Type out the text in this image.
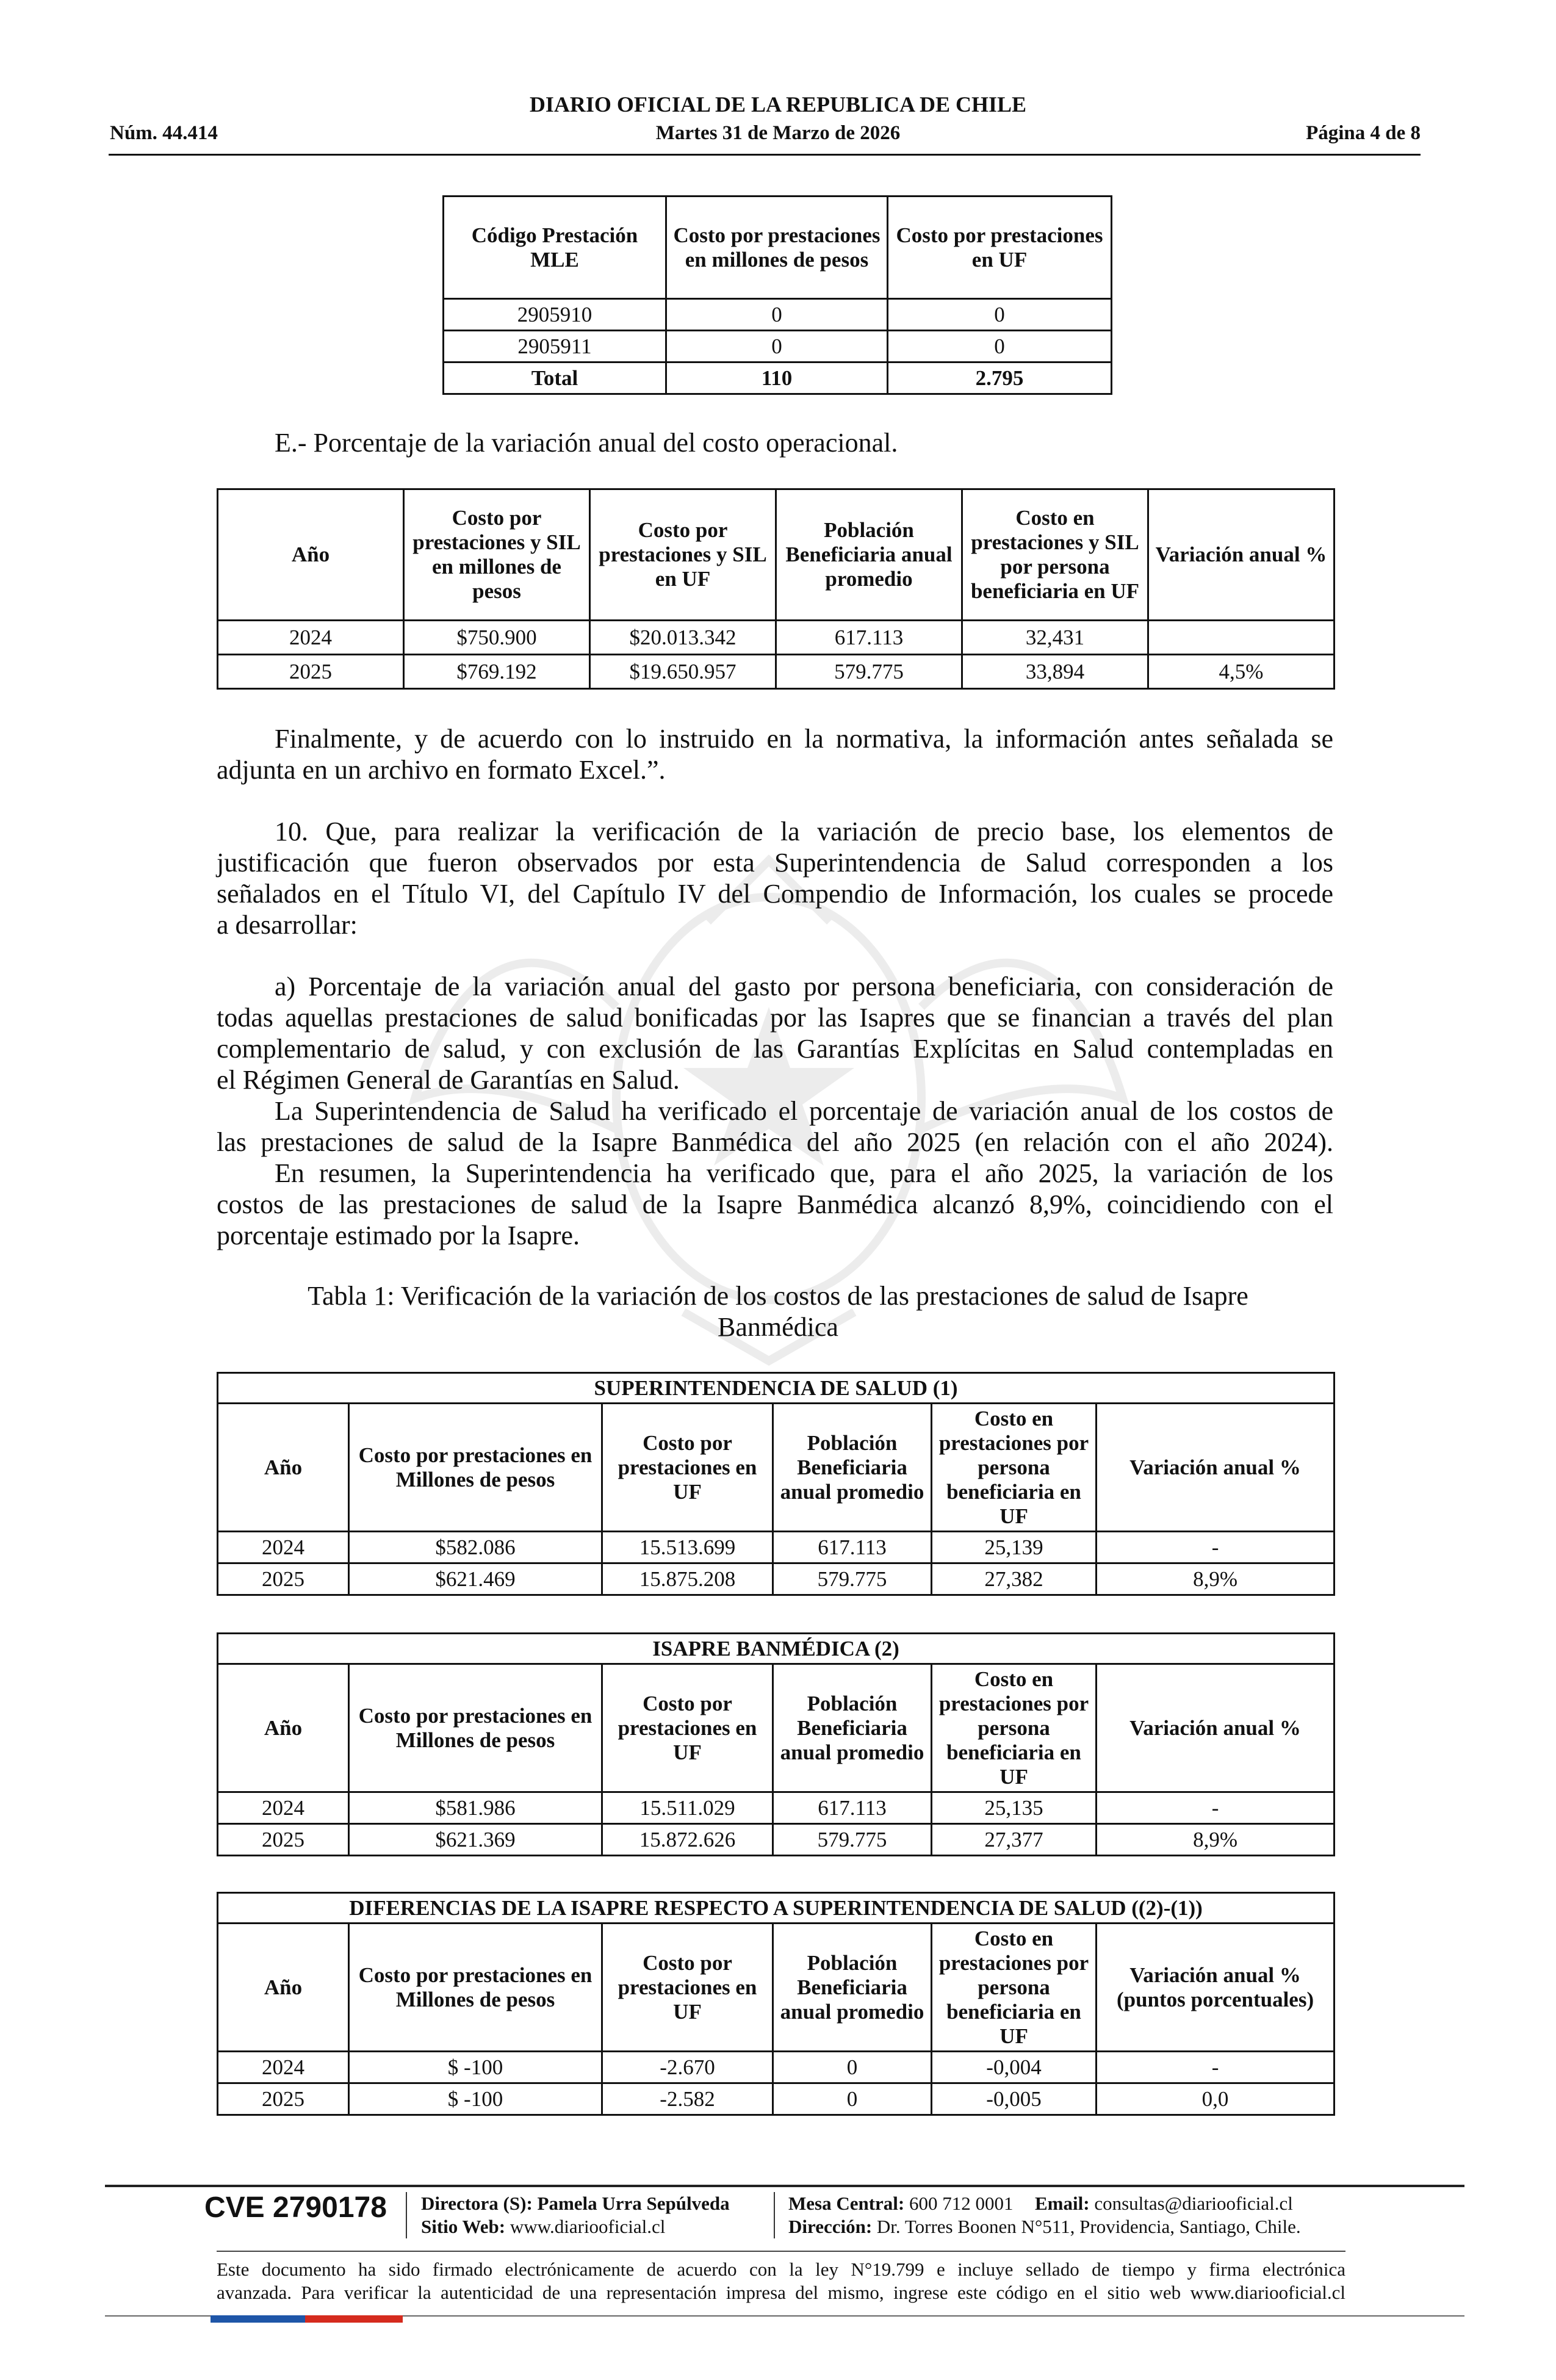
DIARIO OFICIAL DE LA REPUBLICA DE CHILE
Núm. 44.414	Martes 31 de Marzo de 2026	Página 4 de 8
Código Prestación MLE	Costo por prestaciones en millones de pesos	Costo por prestaciones en UF
2905910	0	0
2905911	0	0
Total	110	2.795
E.- Porcentaje de la variación anual del costo operacional.
Año	Costo por prestaciones y SIL en millones de pesos	Costo por prestaciones y SIL en UF	Población Beneficiaria anual promedio	Costo en prestaciones y SIL por persona beneficiaria en UF	Variación anual %
2024	$750.900	$20.013.342	617.113	32,431	
2025	$769.192	$19.650.957	579.775	33,894	4,5%
Finalmente, y de acuerdo con lo instruido en la normativa, la información antes señalada se
adjunta en un archivo en formato Excel.”.
10. Que, para realizar la verificación de la variación de precio base, los elementos de
justificación que fueron observados por esta Superintendencia de Salud corresponden a los
señalados en el Título VI, del Capítulo IV del Compendio de Información, los cuales se procede
a desarrollar:
a) Porcentaje de la variación anual del gasto por persona beneficiaria, con consideración de
todas aquellas prestaciones de salud bonificadas por las Isapres que se financian a través del plan
complementario de salud, y con exclusión de las Garantías Explícitas en Salud contempladas en
el Régimen General de Garantías en Salud.
La Superintendencia de Salud ha verificado el porcentaje de variación anual de los costos de
las prestaciones de salud de la Isapre Banmédica del año 2025 (en relación con el año 2024).
En resumen, la Superintendencia ha verificado que, para el año 2025, la variación de los
costos de las prestaciones de salud de la Isapre Banmédica alcanzó 8,9%, coincidiendo con el
porcentaje estimado por la Isapre.
Tabla 1: Verificación de la variación de los costos de las prestaciones de salud de Isapre
Banmédica
SUPERINTENDENCIA DE SALUD (1)					
Año	Costo por prestaciones en Millones de pesos	Costo por prestaciones en UF	Población Beneficiaria anual promedio	Costo en prestaciones por persona beneficiaria en UF	Variación anual %
2024	$582.086	15.513.699	617.113	25,139	-
2025	$621.469	15.875.208	579.775	27,382	8,9%
ISAPRE BANMÉDICA (2)					
Año	Costo por prestaciones en Millones de pesos	Costo por prestaciones en UF	Población Beneficiaria anual promedio	Costo en prestaciones por persona beneficiaria en UF	Variación anual %
2024	$581.986	15.511.029	617.113	25,135	-
2025	$621.369	15.872.626	579.775	27,377	8,9%
DIFERENCIAS DE LA ISAPRE RESPECTO A SUPERINTENDENCIA DE SALUD ((2)-(1))					
Año	Costo por prestaciones en Millones de pesos	Costo por prestaciones en UF	Población Beneficiaria anual promedio	Costo en prestaciones por persona beneficiaria en UF	Variación anual % (puntos porcentuales)
2024	$ -100	-2.670	0	-0,004	-
2025	$ -100	-2.582	0	-0,005	0,0
CVE 2790178 Directora (S): Pamela Urra Sepúlveda
Sitio Web: www.diariooficial.cl
Mesa Central: 600 712 0001 Email: consultas@diariooficial.cl
Dirección: Dr. Torres Boonen N°511, Providencia, Santiago, Chile.
Este documento ha sido firmado electrónicamente de acuerdo con la ley N°19.799 e incluye sellado de tiempo y firma electrónica
avanzada. Para verificar la autenticidad de una representación impresa del mismo, ingrese este código en el sitio web www.diariooficial.cl
